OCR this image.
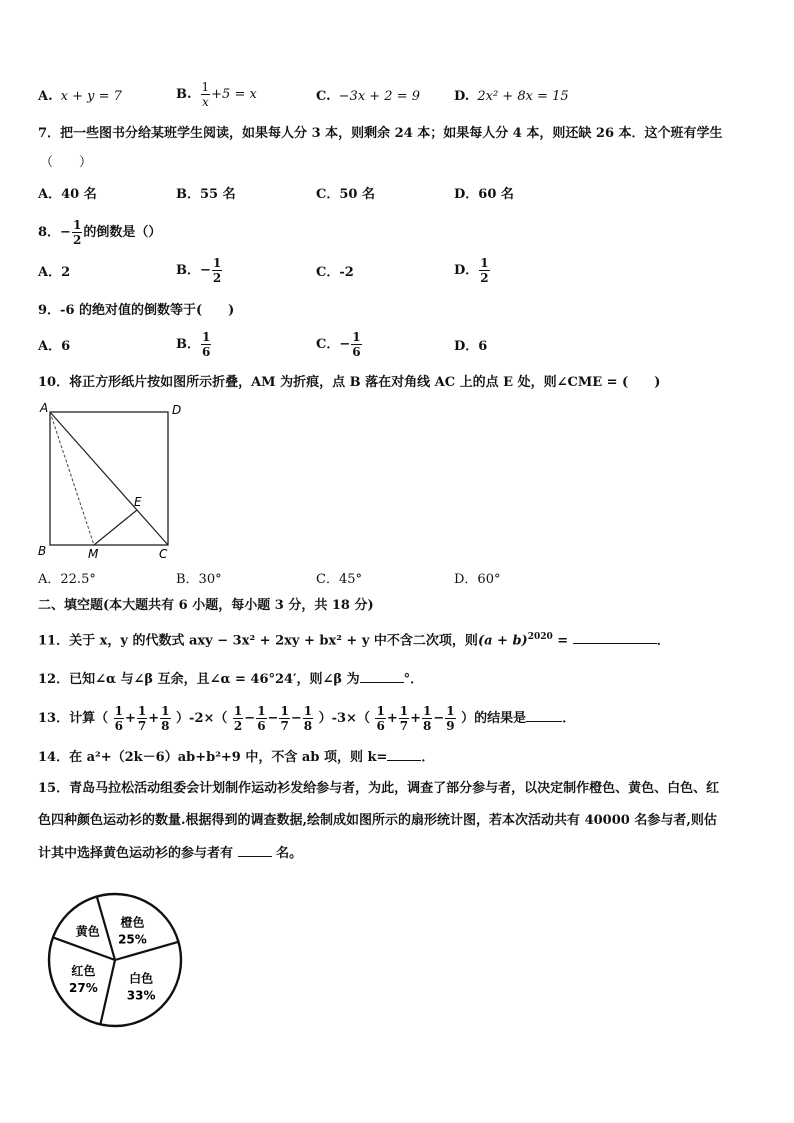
A. x + y = 7	B. $\frac{1}{x} +5 = x$	C. −3x + 2 = 9	D. 2x² + 8x = 15
7．把一些图书分给某班学生阅读，如果每人分 3 本，则剩余 24 本；如果每人分 4 本，则还缺 26 本．这个班有学生
（　　）
A．40 名	B．55 名	C．50 名	D．60 名
8．− $\frac{1}{2}$ 的倒数是（）
A．2	B．− $\frac{1}{2}$	C．‐2	D． $\frac{1}{2}$
9．-6 的绝对值的倒数等于(　　)
A．6	B． $\frac{1}{6}$	C．− $\frac{1}{6}$	D．6
10．将正方形纸片按如图所示折叠，AM 为折痕，点 B 落在对角线 AC 上的点 E 处，则∠CME = (　　)
A	D
B	C
M
E
A．22.5°	B．30°	C．45°	D．60°
二、填空题(本大题共有 6 小题，每小题 3 分，共 18 分)
11．关于 x，y 的代数式 axy − 3x² + 2xy + bx² + y 中不含二次项，则$(a + b)^{2020}$ =	．
12．已知∠α 与∠β 互余，且∠α = 46°24′，则∠β 为	°．
13．计算（ $\frac{1}{6} + \frac{1}{7} + \frac{1}{8} )-2\times( \frac{1}{2} - \frac{1}{6} - \frac{1}{7} - \frac{1}{8} )-3\times( \frac{1}{6} + \frac{1}{7} + \frac{1}{8} - \frac{1}{9}$ ）的结果是	．
14．在 a²+（2k－6）ab+b²+9 中，不含 ab 项，则 k=	．
15．青岛马拉松活动组委会计划制作运动衫发给参与者，为此，调查了部分参与者，以决定制作橙色、黄色、白色、红
色四种颜色运动衫的数量.根据得到的调查数据,绘制成如图所示的扇形统计图，若本次活动共有 40000 名参与者,则估
计其中选择黄色运动衫的参与者有	名。
黄色
橙色
25%
白色
33%
红色
27%
